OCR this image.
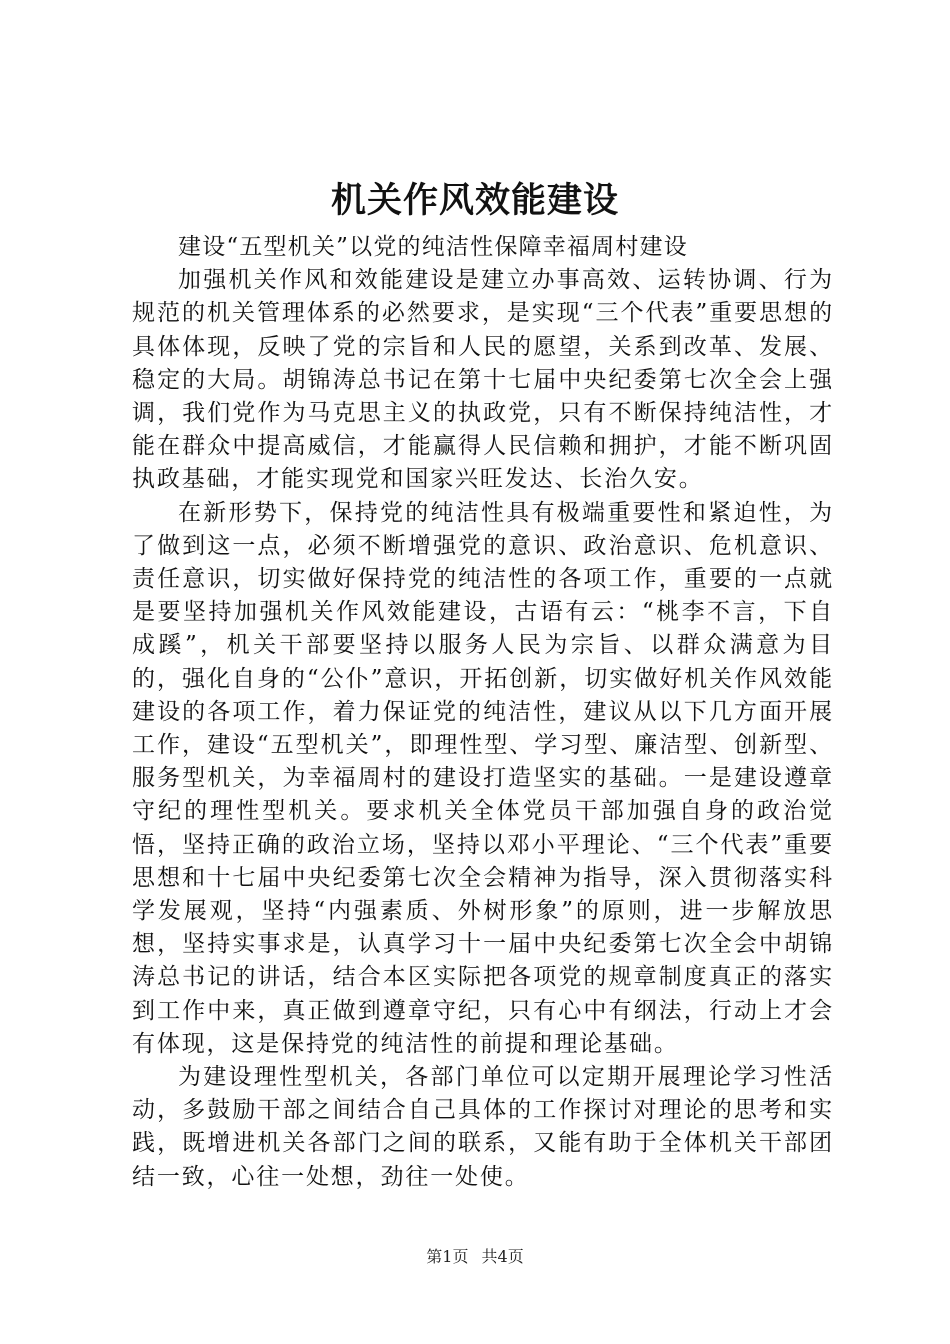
机关作风效能建设

建设“五型机关”以党的纯洁性保障幸福周村建设

加强机关作风和效能建设是建立办事高效、运转协调、行为规范的机关管理体系的必然要求，是实现“三个代表”重要思想的具体体现，反映了党的宗旨和人民的愿望，关系到改革、发展、稳定的大局。胡锦涛总书记在第十七届中央纪委第七次全会上强调，我们党作为马克思主义的执政党，只有不断保持纯洁性，才能在群众中提高威信，才能赢得人民信赖和拥护，才能不断巩固执政基础，才能实现党和国家兴旺发达、长治久安。

在新形势下，保持党的纯洁性具有极端重要性和紧迫性，为了做到这一点，必须不断增强党的意识、政治意识、危机意识、责任意识，切实做好保持党的纯洁性的各项工作，重要的一点就是要坚持加强机关作风效能建设，古语有云：“桃李不言，下自成蹊”，机关干部要坚持以服务人民为宗旨、以群众满意为目的，强化自身的“公仆”意识，开拓创新，切实做好机关作风效能建设的各项工作，着力保证党的纯洁性，建议从以下几方面开展工作，建设“五型机关”，即理性型、学习型、廉洁型、创新型、服务型机关，为幸福周村的建设打造坚实的基础。一是建设遵章守纪的理性型机关。要求机关全体党员干部加强自身的政治觉悟，坚持正确的政治立场，坚持以邓小平理论、“三个代表”重要思想和十七届中央纪委第七次全会精神为指导，深入贯彻落实科学发展观，坚持“内强素质、外树形象”的原则，进一步解放思想，坚持实事求是，认真学习十一届中央纪委第七次全会中胡锦涛总书记的讲话，结合本区实际把各项党的规章制度真正的落实到工作中来，真正做到遵章守纪，只有心中有纲法，行动上才会有体现，这是保持党的纯洁性的前提和理论基础。

为建设理性型机关，各部门单位可以定期开展理论学习性活动，多鼓励干部之间结合自己具体的工作探讨对理论的思考和实践，既增进机关各部门之间的联系，又能有助于全体机关干部团结一致，心往一处想，劲往一处使。

第1页 共4页
